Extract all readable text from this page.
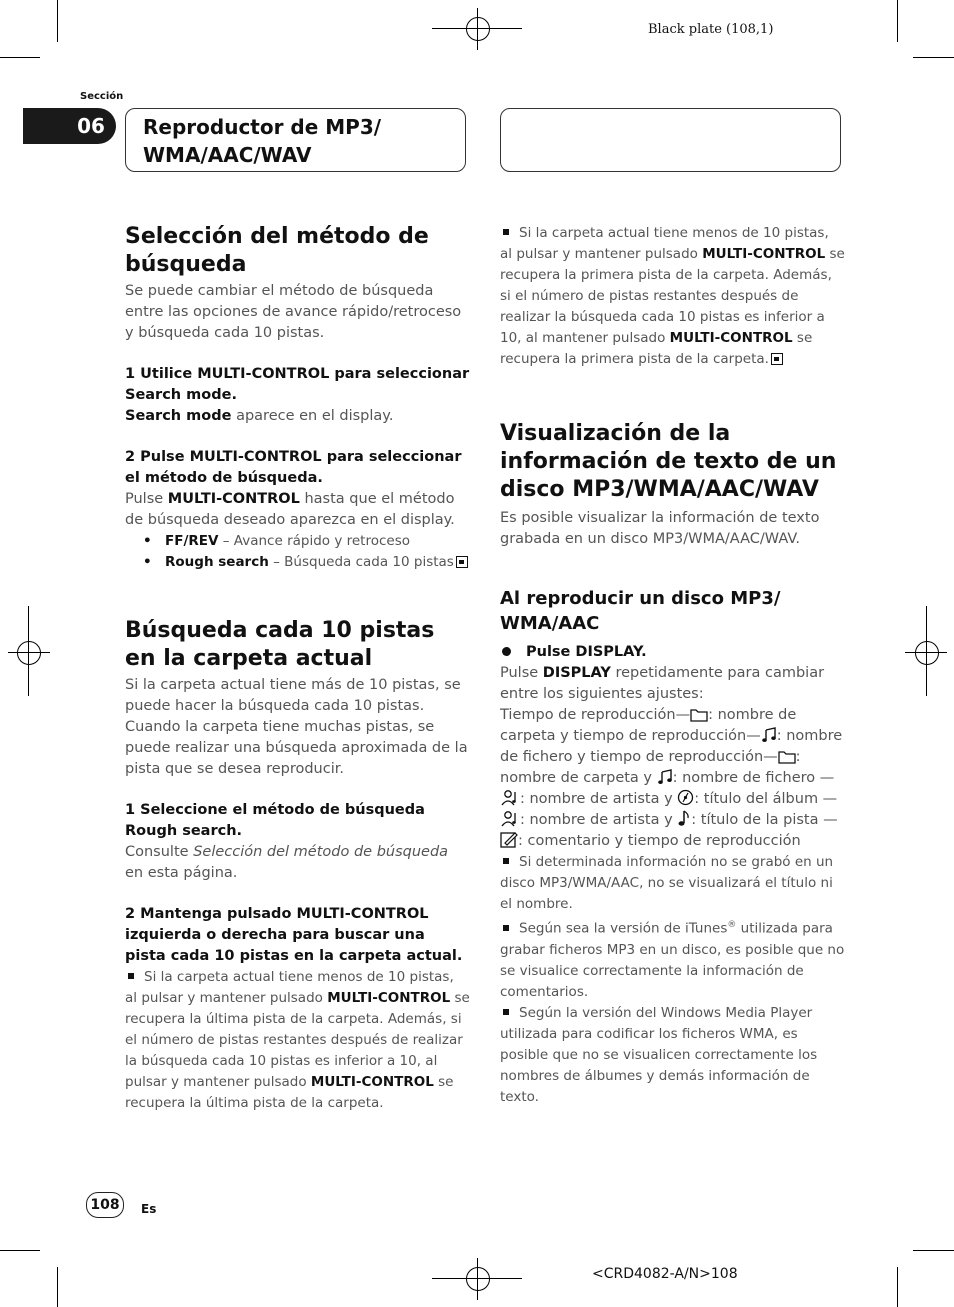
Black plate (108,1)
Sección
06	Reproductor de MP3/ WMA/AAC/WAV
Selección del método de búsqueda

Se puede cambiar el método de búsqueda entre las opciones de avance rápido/retroceso y búsqueda cada 10 pistas.

1 Utilice MULTI-CONTROL para seleccionar Search mode.

Search mode aparece en el display.

2 Pulse MULTI-CONTROL para seleccionar el método de búsqueda.

Pulse MULTI-CONTROL hasta que el método de búsqueda deseado aparezca en el display.

• FF/REV – Avance rápido y retroceso
• Rough search – Búsqueda cada 10 pistas
Búsqueda cada 10 pistas en la carpeta actual

Si la carpeta actual tiene más de 10 pistas, se puede hacer la búsqueda cada 10 pistas. Cuando la carpeta tiene muchas pistas, se puede realizar una búsqueda aproximada de la pista que se desea reproducir.

1 Seleccione el método de búsqueda Rough search.

Consulte Selección del método de búsqueda en esta página.

2 Mantenga pulsado MULTI-CONTROL izquierda o derecha para buscar una pista cada 10 pistas en la carpeta actual.

Si la carpeta actual tiene menos de 10 pistas, al pulsar y mantener pulsado MULTI-CONTROL se recupera la última pista de la carpeta. Además, si el número de pistas restantes después de realizar la búsqueda cada 10 pistas es inferior a 10, al pulsar y mantener pulsado MULTI-CONTROL se recupera la última pista de la carpeta.

Si la carpeta actual tiene menos de 10 pistas, al pulsar y mantener pulsado MULTI-CONTROL se recupera la primera pista de la carpeta. Además, si el número de pistas restantes después de realizar la búsqueda cada 10 pistas es inferior a 10, al mantener pulsado MULTI-CONTROL se recupera la primera pista de la carpeta.

Visualización de la información de texto de un disco MP3/WMA/AAC/WAV

Es posible visualizar la información de texto grabada en un disco MP3/WMA/AAC/WAV.

Al reproducir un disco MP3/ WMA/AAC

Pulse DISPLAY.

Pulse DISPLAY repetidamente para cambiar entre los siguientes ajustes:

Tiempo de reproducción— : nombre de carpeta y tiempo de reproducción— : nombre de fichero y tiempo de reproducción— : nombre de carpeta y : nombre de fichero —: nombre de artista y : título del álbum —: nombre de artista y : título de la pista —: comentario y tiempo de reproducción

Si determinada información no se grabó en un disco MP3/WMA/AAC, no se visualizará el título ni el nombre.

Según sea la versión de iTunes® utilizada para grabar ficheros MP3 en un disco, es posible que no se visualice correctamente la información de comentarios.

Según la versión del Windows Media Player utilizada para codificar los ficheros WMA, es posible que no se visualicen correctamente los nombres de álbumes y demás información de texto.

108	Es
<CRD4082-A/N>108
